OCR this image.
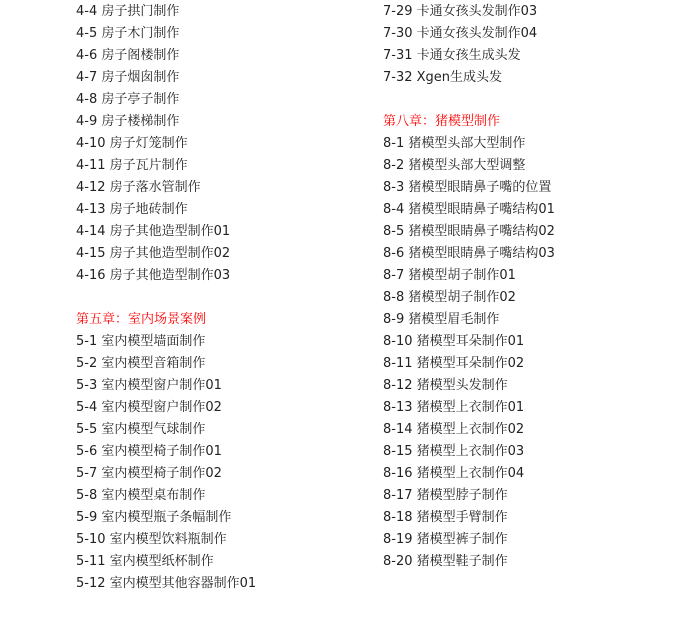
4-4 房子拱门制作
4-5 房子木门制作
4-6 房子阁楼制作
4-7 房子烟囱制作
4-8 房子亭子制作
4-9 房子楼梯制作
4-10 房子灯笼制作
4-11 房子瓦片制作
4-12 房子落水管制作
4-13 房子地砖制作
4-14 房子其他造型制作01
4-15 房子其他造型制作02
4-16 房子其他造型制作03
第五章：室内场景案例
5-1 室内模型墙面制作
5-2 室内模型音箱制作
5-3 室内模型窗户制作01
5-4 室内模型窗户制作02
5-5 室内模型气球制作
5-6 室内模型椅子制作01
5-7 室内模型椅子制作02
5-8 室内模型桌布制作
5-9 室内模型瓶子条幅制作
5-10 室内模型饮料瓶制作
5-11 室内模型纸杯制作
5-12 室内模型其他容器制作01
7-29 卡通女孩头发制作03
7-30 卡通女孩头发制作04
7-31 卡通女孩生成头发
7-32 Xgen生成头发
第八章：猪模型制作
8-1 猪模型头部大型制作
8-2 猪模型头部大型调整
8-3 猪模型眼睛鼻子嘴的位置
8-4 猪模型眼睛鼻子嘴结构01
8-5 猪模型眼睛鼻子嘴结构02
8-6 猪模型眼睛鼻子嘴结构03
8-7 猪模型胡子制作01
8-8 猪模型胡子制作02
8-9 猪模型眉毛制作
8-10 猪模型耳朵制作01
8-11 猪模型耳朵制作02
8-12 猪模型头发制作
8-13 猪模型上衣制作01
8-14 猪模型上衣制作02
8-15 猪模型上衣制作03
8-16 猪模型上衣制作04
8-17 猪模型脖子制作
8-18 猪模型手臂制作
8-19 猪模型裤子制作
8-20 猪模型鞋子制作
